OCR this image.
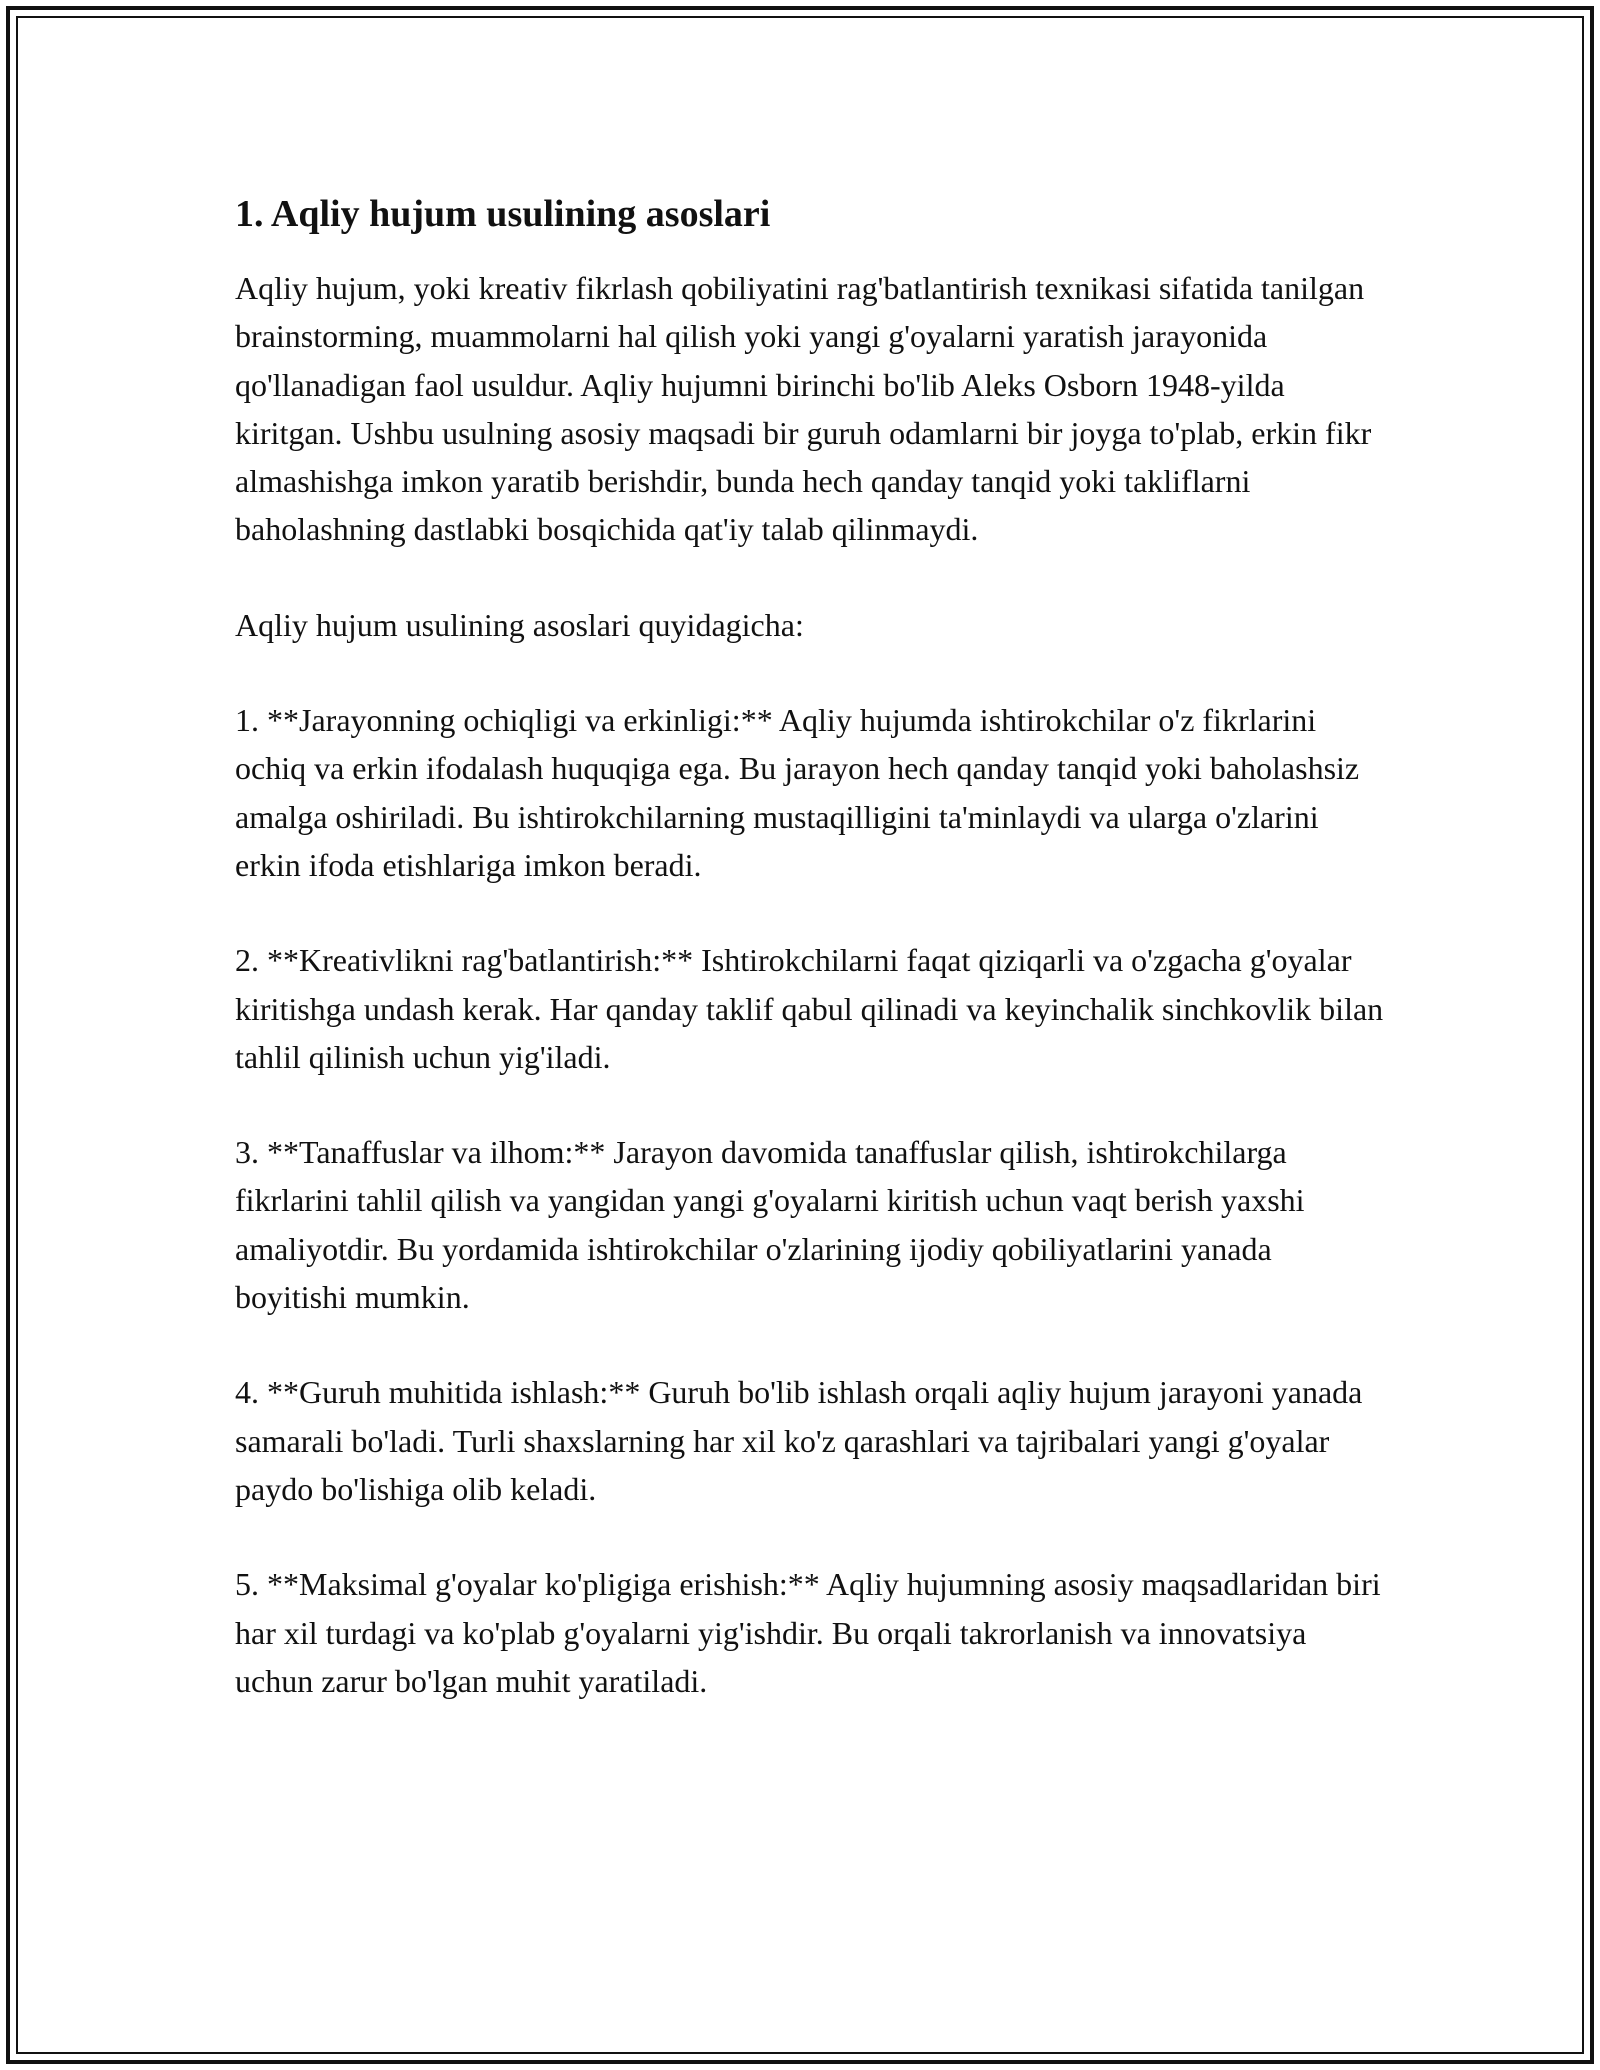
1. Aqliy hujum usulining asoslari

Aqliy hujum, yoki kreativ fikrlash qobiliyatini rag'batlantirish texnikasi sifatida tanilgan brainstorming, muammolarni hal qilish yoki yangi g'oyalarni yaratish jarayonida qo'llanadigan faol usuldur. Aqliy hujumni birinchi bo'lib Aleks Osborn 1948-yilda kiritgan. Ushbu usulning asosiy maqsadi bir guruh odamlarni bir joyga to'plab, erkin fikr almashishga imkon yaratib berishdir, bunda hech qanday tanqid yoki takliflarni baholashning dastlabki bosqichida qat'iy talab qilinmaydi.

Aqliy hujum usulining asoslari quyidagicha:

1. **Jarayonning ochiqligi va erkinligi:** Aqliy hujumda ishtirokchilar o'z fikrlarini ochiq va erkin ifodalash huquqiga ega. Bu jarayon hech qanday tanqid yoki baholashsiz amalga oshiriladi. Bu ishtirokchilarning mustaqilligini ta'minlaydi va ularga o'zlarini erkin ifoda etishlariga imkon beradi.

2. **Kreativlikni rag'batlantirish:** Ishtirokchilarni faqat qiziqarli va o'zgacha g'oyalar kiritishga undash kerak. Har qanday taklif qabul qilinadi va keyinchalik sinchkovlik bilan tahlil qilinish uchun yig'iladi.

3. **Tanaffuslar va ilhom:** Jarayon davomida tanaffuslar qilish, ishtirokchilarga fikrlarini tahlil qilish va yangidan yangi g'oyalarni kiritish uchun vaqt berish yaxshi amaliyotdir. Bu yordamida ishtirokchilar o'zlarining ijodiy qobiliyatlarini yanada boyitishi mumkin.

4. **Guruh muhitida ishlash:** Guruh bo'lib ishlash orqali aqliy hujum jarayoni yanada samarali bo'ladi. Turli shaxslarning har xil ko'z qarashlari va tajribalari yangi g'oyalar paydo bo'lishiga olib keladi.

5. **Maksimal g'oyalar ko'pligiga erishish:** Aqliy hujumning asosiy maqsadlaridan biri har xil turdagi va ko'plab g'oyalarni yig'ishdir. Bu orqali takrorlanish va innovatsiya uchun zarur bo'lgan muhit yaratiladi.
